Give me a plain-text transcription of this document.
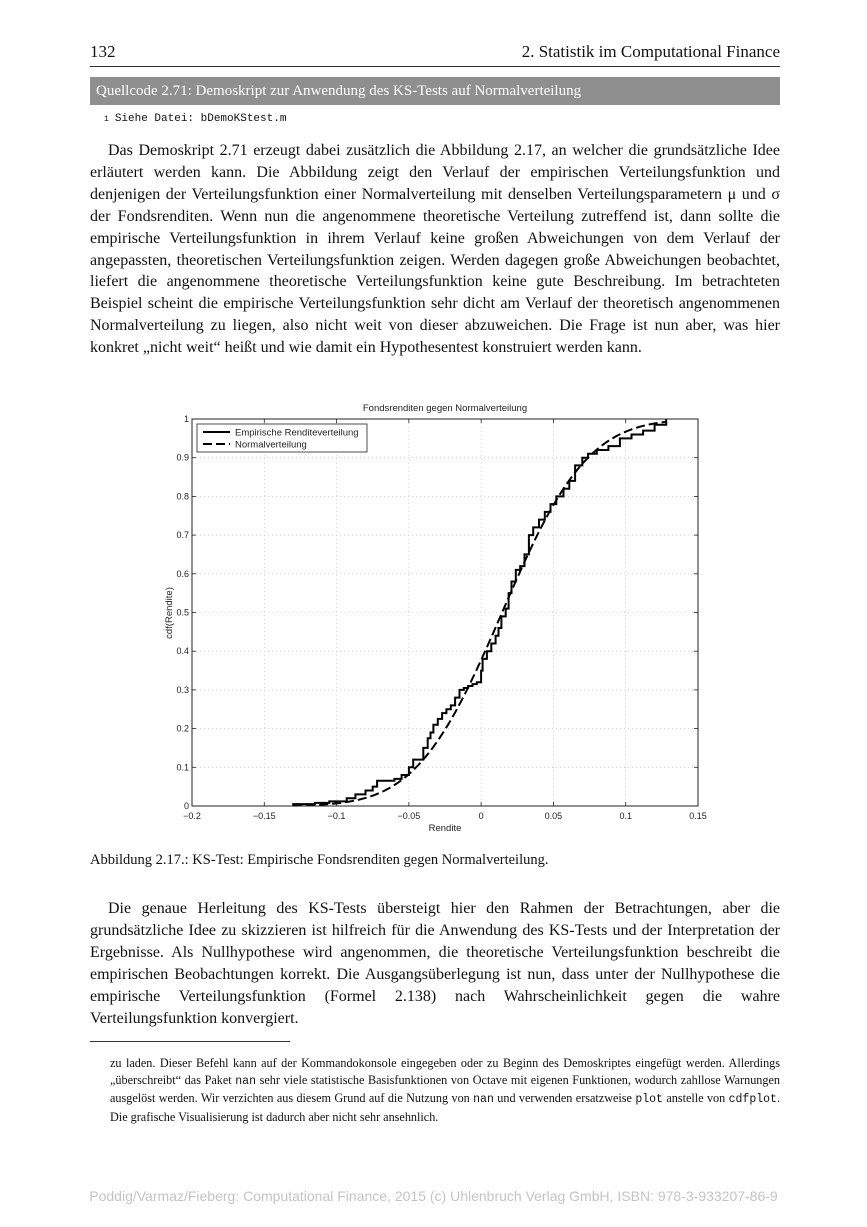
132	2. Statistik im Computational Finance
Quellcode 2.71: Demoskript zur Anwendung des KS-Tests auf Normalverteilung
1 Siehe Datei: bDemoKStest.m

Das Demoskript 2.71 erzeugt dabei zusätzlich die Abbildung 2.17, an welcher die grundsätzliche Idee erläutert werden kann. Die Abbildung zeigt den Verlauf der empirischen Verteilungsfunktion und denjenigen der Verteilungsfunktion einer Normalverteilung mit denselben Verteilungsparametern μ und σ der Fondsrenditen. Wenn nun die angenommene theoretische Verteilung zutreffend ist, dann sollte die empirische Verteilungsfunktion in ihrem Verlauf keine großen Abweichungen von dem Verlauf der angepassten, theoretischen Verteilungsfunktion zeigen. Werden dagegen große Abweichungen beobachtet, liefert die angenommene theoretische Verteilungsfunktion keine gute Beschreibung. Im betrachteten Beispiel scheint die empirische Verteilungsfunktion sehr dicht am Verlauf der theoretisch angenommenen Normalverteilung zu liegen, also nicht weit von dieser abzuweichen. Die Frage ist nun aber, was hier konkret „nicht weit“ heißt und wie damit ein Hypothesentest konstruiert werden kann.

Fondsrenditen gegen Normalverteilung
−0.2	−0.15	−0.1	−0.05	0	0.05	0.1	0.15
0
0.1
0.2
0.3
0.4
0.5
0.6
0.7
0.8
0.9
1
Rendite
cdf(Rendite)
Empirische Renditeverteilung
Normalverteilung
Abbildung 2.17.: KS-Test: Empirische Fondsrenditen gegen Normalverteilung.

Die genaue Herleitung des KS-Tests übersteigt hier den Rahmen der Betrachtungen, aber die grundsätzliche Idee zu skizzieren ist hilfreich für die Anwendung des KS-Tests und der Interpretation der Ergebnisse. Als Nullhypothese wird angenommen, die theoretische Verteilungsfunktion beschreibt die empirischen Beobachtungen korrekt. Die Ausgangsüberlegung ist nun, dass unter der Nullhypothese die empirische Verteilungsfunktion (Formel 2.138) nach Wahrscheinlichkeit gegen die wahre Verteilungsfunktion konvergiert.

zu laden. Dieser Befehl kann auf der Kommandokonsole eingegeben oder zu Beginn des Demoskriptes eingefügt werden. Allerdings „überschreibt“ das Paket nan sehr viele statistische Basisfunktionen von Octave mit eigenen Funktionen, wodurch zahllose Warnungen ausgelöst werden. Wir verzichten aus diesem Grund auf die Nutzung von nan und verwenden ersatzweise plot anstelle von cdfplot. Die grafische Visualisierung ist dadurch aber nicht sehr ansehnlich.
Poddig/Varmaz/Fieberg: Computational Finance, 2015 (c) Uhlenbruch Verlag GmbH, ISBN: 978-3-933207-86-9
